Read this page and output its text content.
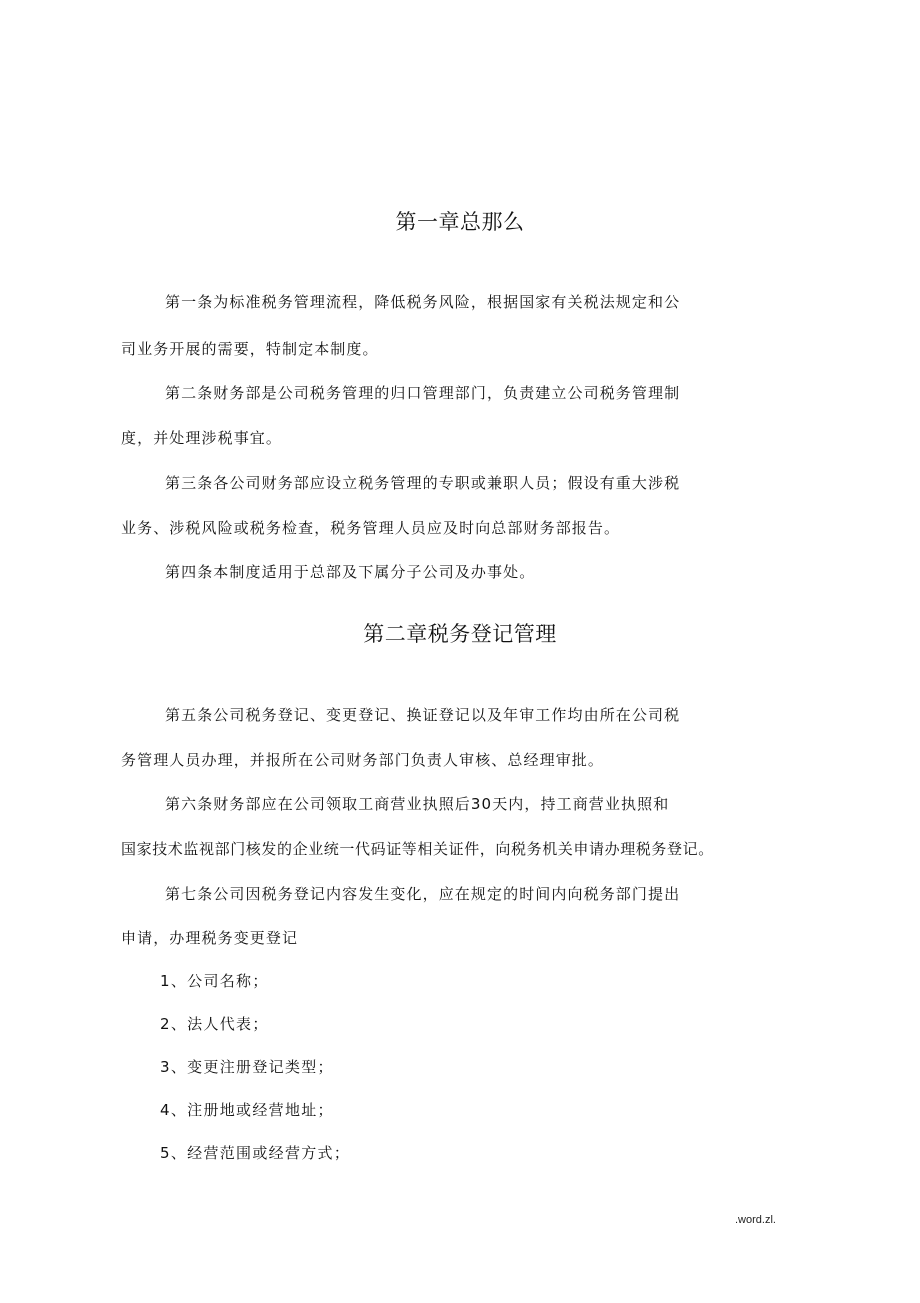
第一章总那么
第一条为标准税务管理流程，降低税务风险，根据国家有关税法规定和公
司业务开展的需要，特制定本制度。
第二条财务部是公司税务管理的归口管理部门，负责建立公司税务管理制
度，并处理涉税事宜。
第三条各公司财务部应设立税务管理的专职或兼职人员；假设有重大涉税
业务、涉税风险或税务检查，税务管理人员应及时向总部财务部报告。
第四条本制度适用于总部及下属分子公司及办事处。
第二章税务登记管理
第五条公司税务登记、变更登记、换证登记以及年审工作均由所在公司税
务管理人员办理，并报所在公司财务部门负责人审核、总经理审批。
第六条财务部应在公司领取工商营业执照后30天内，持工商营业执照和
国家技术监视部门核发的企业统一代码证等相关证件，向税务机关申请办理税务登记。
第七条公司因税务登记内容发生变化，应在规定的时间内向税务部门提出
申请，办理税务变更登记
1、公司名称；
2、法人代表；
3、变更注册登记类型；
4、注册地或经营地址；
5、经营范围或经营方式；
.word.zl.
